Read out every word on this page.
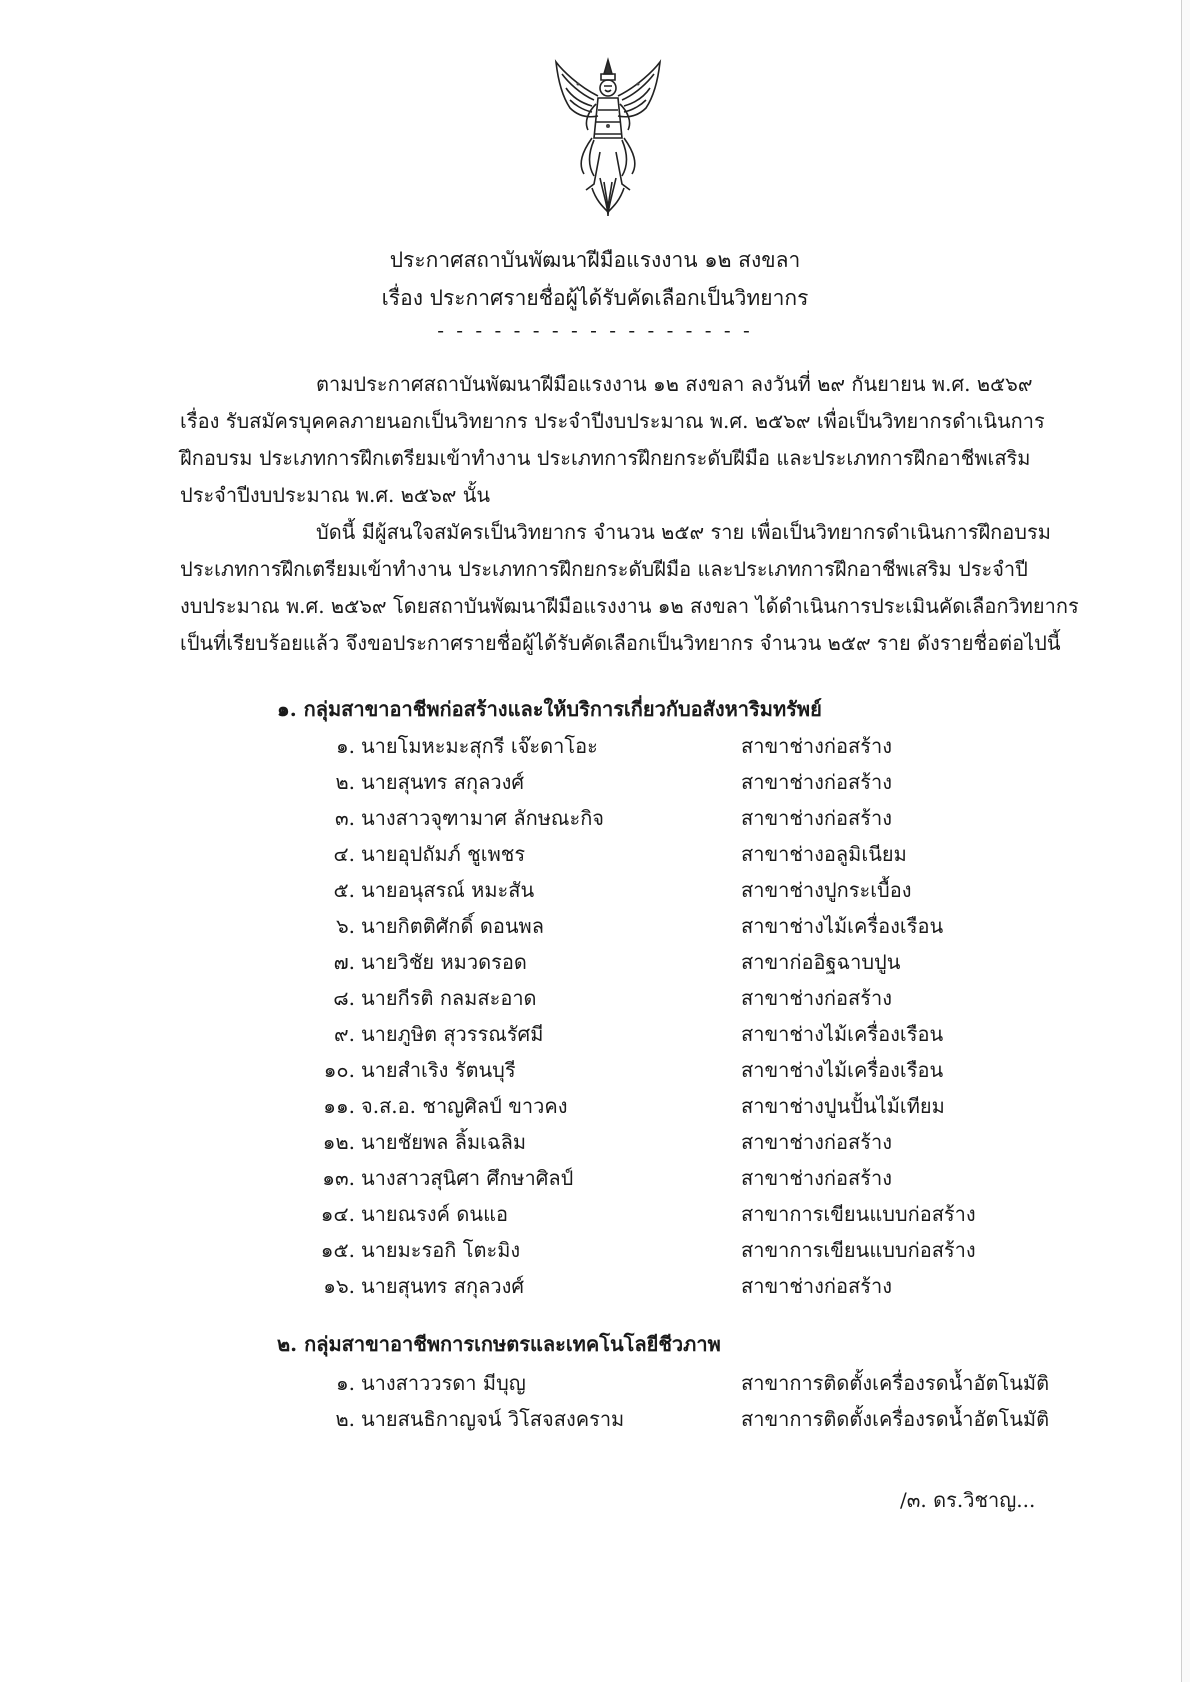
ประกาศสถาบันพัฒนาฝีมือแรงงาน ๑๒ สงขลา
เรื่อง ประกาศรายชื่อผู้ได้รับคัดเลือกเป็นวิทยากร
- - - - - - - - - - - - - - - - -
ตามประกาศสถาบันพัฒนาฝีมือแรงงาน ๑๒ สงขลา ลงวันที่ ๒๙ กันยายน พ.ศ. ๒๕๖๙
เรื่อง รับสมัครบุคคลภายนอกเป็นวิทยากร ประจำปีงบประมาณ พ.ศ. ๒๕๖๙ เพื่อเป็นวิทยากรดำเนินการ
ฝึกอบรม ประเภทการฝึกเตรียมเข้าทำงาน ประเภทการฝึกยกระดับฝีมือ และประเภทการฝึกอาชีพเสริม
ประจำปีงบประมาณ พ.ศ. ๒๕๖๙ นั้น
บัดนี้ มีผู้สนใจสมัครเป็นวิทยากร จำนวน ๒๕๙ ราย เพื่อเป็นวิทยากรดำเนินการฝึกอบรม
ประเภทการฝึกเตรียมเข้าทำงาน ประเภทการฝึกยกระดับฝีมือ และประเภทการฝึกอาชีพเสริม ประจำปี
งบประมาณ พ.ศ. ๒๕๖๙ โดยสถาบันพัฒนาฝีมือแรงงาน ๑๒ สงขลา ได้ดำเนินการประเมินคัดเลือกวิทยากร
เป็นที่เรียบร้อยแล้ว จึงขอประกาศรายชื่อผู้ได้รับคัดเลือกเป็นวิทยากร จำนวน ๒๕๙ ราย ดังรายชื่อต่อไปนี้
๑. กลุ่มสาขาอาชีพก่อสร้างและให้บริการเกี่ยวกับอสังหาริมทรัพย์
๑. นายโมหะมะสุกรี เจ๊ะดาโอะ	สาขาช่างก่อสร้าง
๒. นายสุนทร สกุลวงศ์	สาขาช่างก่อสร้าง
๓. นางสาวจุฑามาศ ลักษณะกิจ	สาขาช่างก่อสร้าง
๔. นายอุปถัมภ์ ชูเพชร	สาขาช่างอลูมิเนียม
๕. นายอนุสรณ์ หมะสัน	สาขาช่างปูกระเบื้อง
๖. นายกิตติศักดิ์ ดอนพล	สาขาช่างไม้เครื่องเรือน
๗. นายวิชัย หมวดรอด	สาขาก่ออิฐฉาบปูน
๘. นายกีรติ กลมสะอาด	สาขาช่างก่อสร้าง
๙. นายภูษิต สุวรรณรัศมี	สาขาช่างไม้เครื่องเรือน
๑๐. นายสำเริง รัตนบุรี	สาขาช่างไม้เครื่องเรือน
๑๑. จ.ส.อ. ชาญศิลป์ ขาวคง	สาขาช่างปูนปั้นไม้เทียม
๑๒. นายชัยพล ลิ้มเฉลิม	สาขาช่างก่อสร้าง
๑๓. นางสาวสุนิศา ศึกษาศิลป์	สาขาช่างก่อสร้าง
๑๔. นายณรงค์ ดนแอ	สาขาการเขียนแบบก่อสร้าง
๑๕. นายมะรอกิ โตะมิง	สาขาการเขียนแบบก่อสร้าง
๑๖. นายสุนทร สกุลวงศ์	สาขาช่างก่อสร้าง
๒. กลุ่มสาขาอาชีพการเกษตรและเทคโนโลยีชีวภาพ
๑. นางสาววรดา มีบุญ	สาขาการติดตั้งเครื่องรดน้ำอัตโนมัติ
๒. นายสนธิกาญจน์ วิโสจสงคราม	สาขาการติดตั้งเครื่องรดน้ำอัตโนมัติ
/๓. ดร.วิชาญ...
